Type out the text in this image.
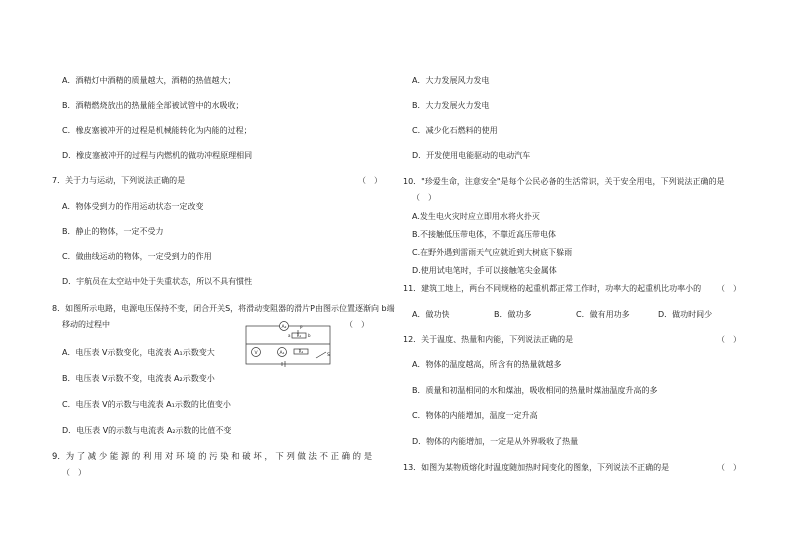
A．酒精灯中酒精的质量越大，酒精的热值越大；
B．酒精燃烧放出的热量能全部被试管中的水吸收；
C．橡皮塞被冲开的过程是机械能转化为内能的过程；
D．橡皮塞被冲开的过程与内燃机的做功冲程原理相同
7．关于力与运动，下列说法正确的是	（　）
A．物体受到力的作用运动状态一定改变
B．静止的物体，一定不受力
C．做曲线运动的物体，一定受到力的作用
D．宇航员在太空站中处于失重状态，所以不具有惯性
8．如图所示电路，电源电压保持不变，闭合开关S，将滑动变阻器的滑片P由图示位置逐渐向 b端
移动的过程中	（　）
A₂
V	A₁
R₁
R₂
P
b
a
S
A．电压表 V示数变化，电流表 A₁示数变大
B．电压表 V示数不变，电流表 A₂示数变小
C．电压表 V的示数与电流表 A₁示数的比值变小
D．电压表 V的示数与电流表 A₂示数的比值不变
9．为 了 减 少 能 源 的 利 用 对 环 境 的 污 染 和 破 坏 ， 下 列 做 法 不 正 确 的 是
（　）
A．大力发展风力发电
B．大力发展火力发电
C．减少化石燃料的使用
D．开发使用电能驱动的电动汽车
10．"珍爱生命，注意安全"是每个公民必备的生活常识，关于安全用电，下列说法正确的是
（　）
A.发生电火灾时应立即用水将火扑灭
B.不接触低压带电体，不靠近高压带电体
C.在野外遇到雷雨天气应就近到大树底下躲雨
D.使用试电笔时，手可以接触笔尖金属体
11．建筑工地上，两台不同规格的起重机都正常工作时，功率大的起重机比功率小的 （　）
A．做功快	B．做功多	C．做有用功多	D．做功时间少
12．关于温度、热量和内能，下列说法正确的是	（　）
A．物体的温度越高，所含有的热量就越多
B．质量和初温相同的水和煤油，吸收相同的热量时煤油温度升高的多
C．物体的内能增加，温度一定升高
D．物体的内能增加，一定是从外界吸收了热量
13．如图为某物质熔化时温度随加热时间变化的图象，下列说法不正确的是	（　）
